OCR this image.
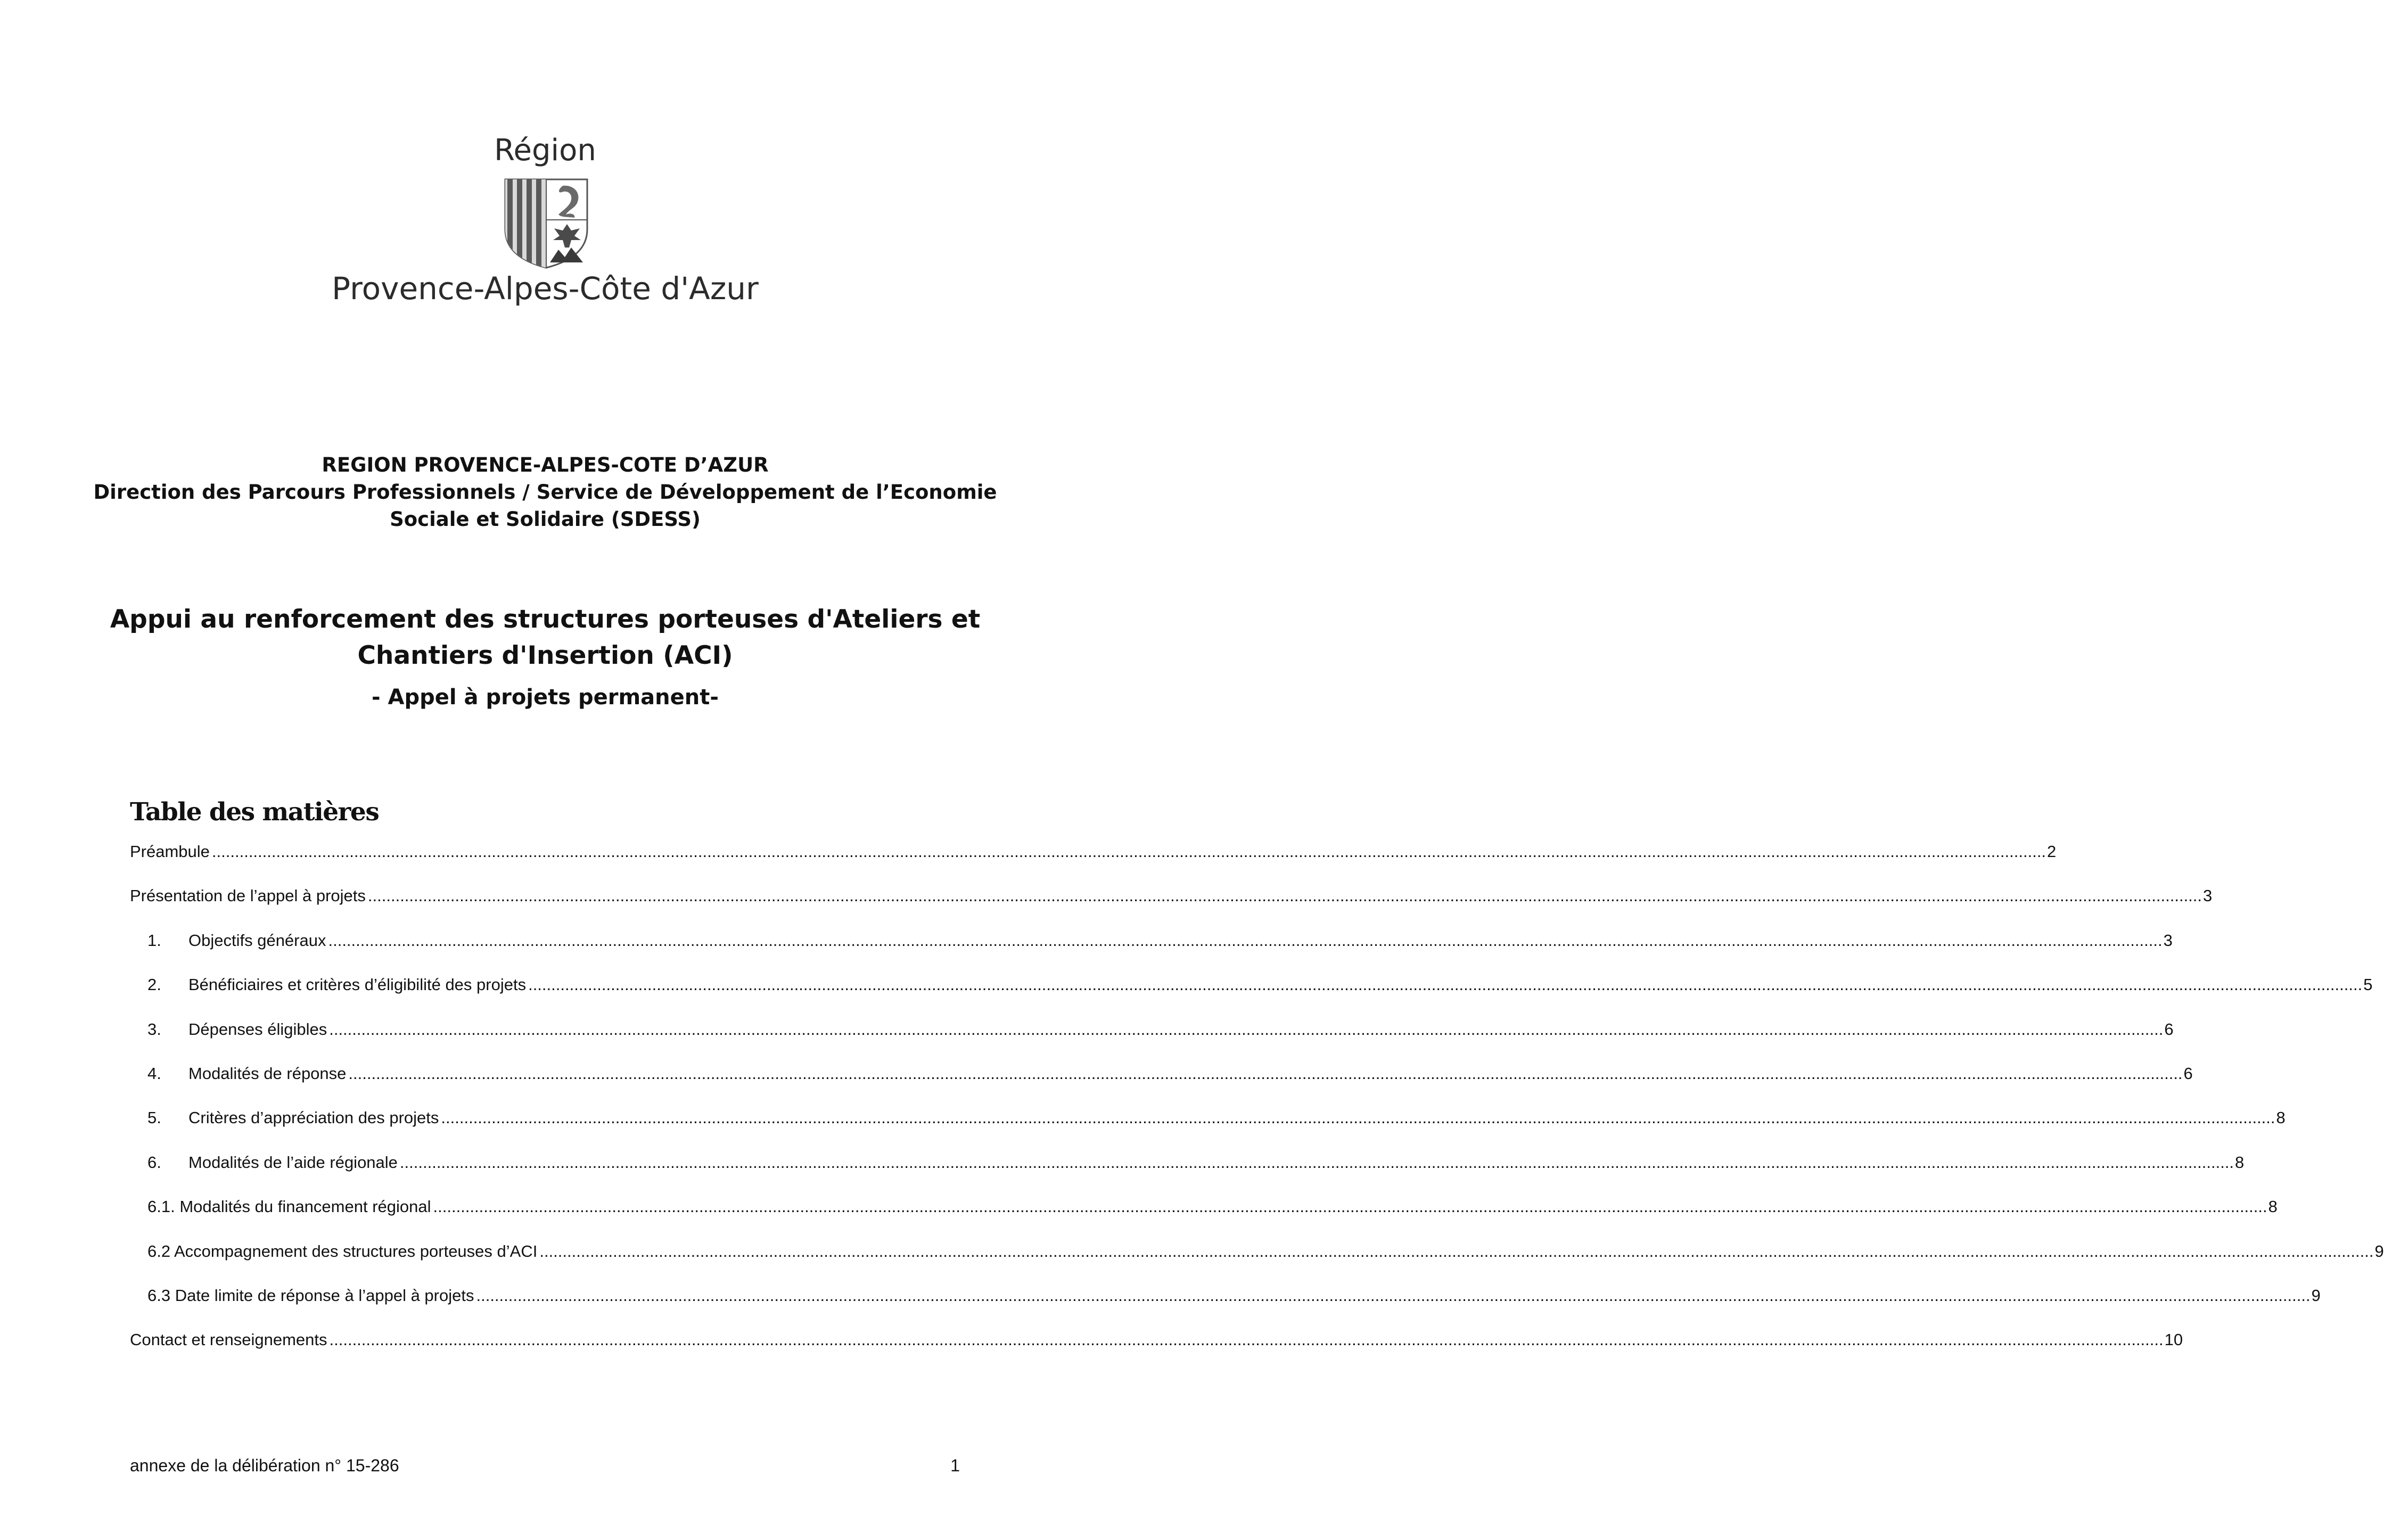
Région
Provence-Alpes-Côte d'Azur
REGION PROVENCE-ALPES-COTE D’AZUR
Direction des Parcours Professionnels / Service de Développement de l’Economie
Sociale et Solidaire (SDESS)
Appui au renforcement des structures porteuses d'Ateliers et
Chantiers d'Insertion (ACI)
- Appel à projets permanent-
Table des matières
Préambule ................................................................................................................................................................................................................................................................................................................................................................................................................ 2
Présentation de l’appel à projets ................................................................................................................................................................................................................................................................................................................................................................................................................ 3
1.	Objectifs généraux ................................................................................................................................................................................................................................................................................................................................................................................................................ 3
2.	Bénéficiaires et critères d’éligibilité des projets ................................................................................................................................................................................................................................................................................................................................................................................................................ 5
3.	Dépenses éligibles ................................................................................................................................................................................................................................................................................................................................................................................................................ 6
4.	Modalités de réponse ................................................................................................................................................................................................................................................................................................................................................................................................................ 6
5.	Critères d’appréciation des projets ................................................................................................................................................................................................................................................................................................................................................................................................................ 8
6.	Modalités de l’aide régionale ................................................................................................................................................................................................................................................................................................................................................................................................................ 8
6.1. Modalités du financement régional ................................................................................................................................................................................................................................................................................................................................................................................................................ 8
6.2 Accompagnement des structures porteuses d’ACI ................................................................................................................................................................................................................................................................................................................................................................................................................ 9
6.3 Date limite de réponse à l’appel à projets ................................................................................................................................................................................................................................................................................................................................................................................................................ 9
Contact et renseignements ................................................................................................................................................................................................................................................................................................................................................................................................................ 10
annexe de la délibération n° 15-286	1
